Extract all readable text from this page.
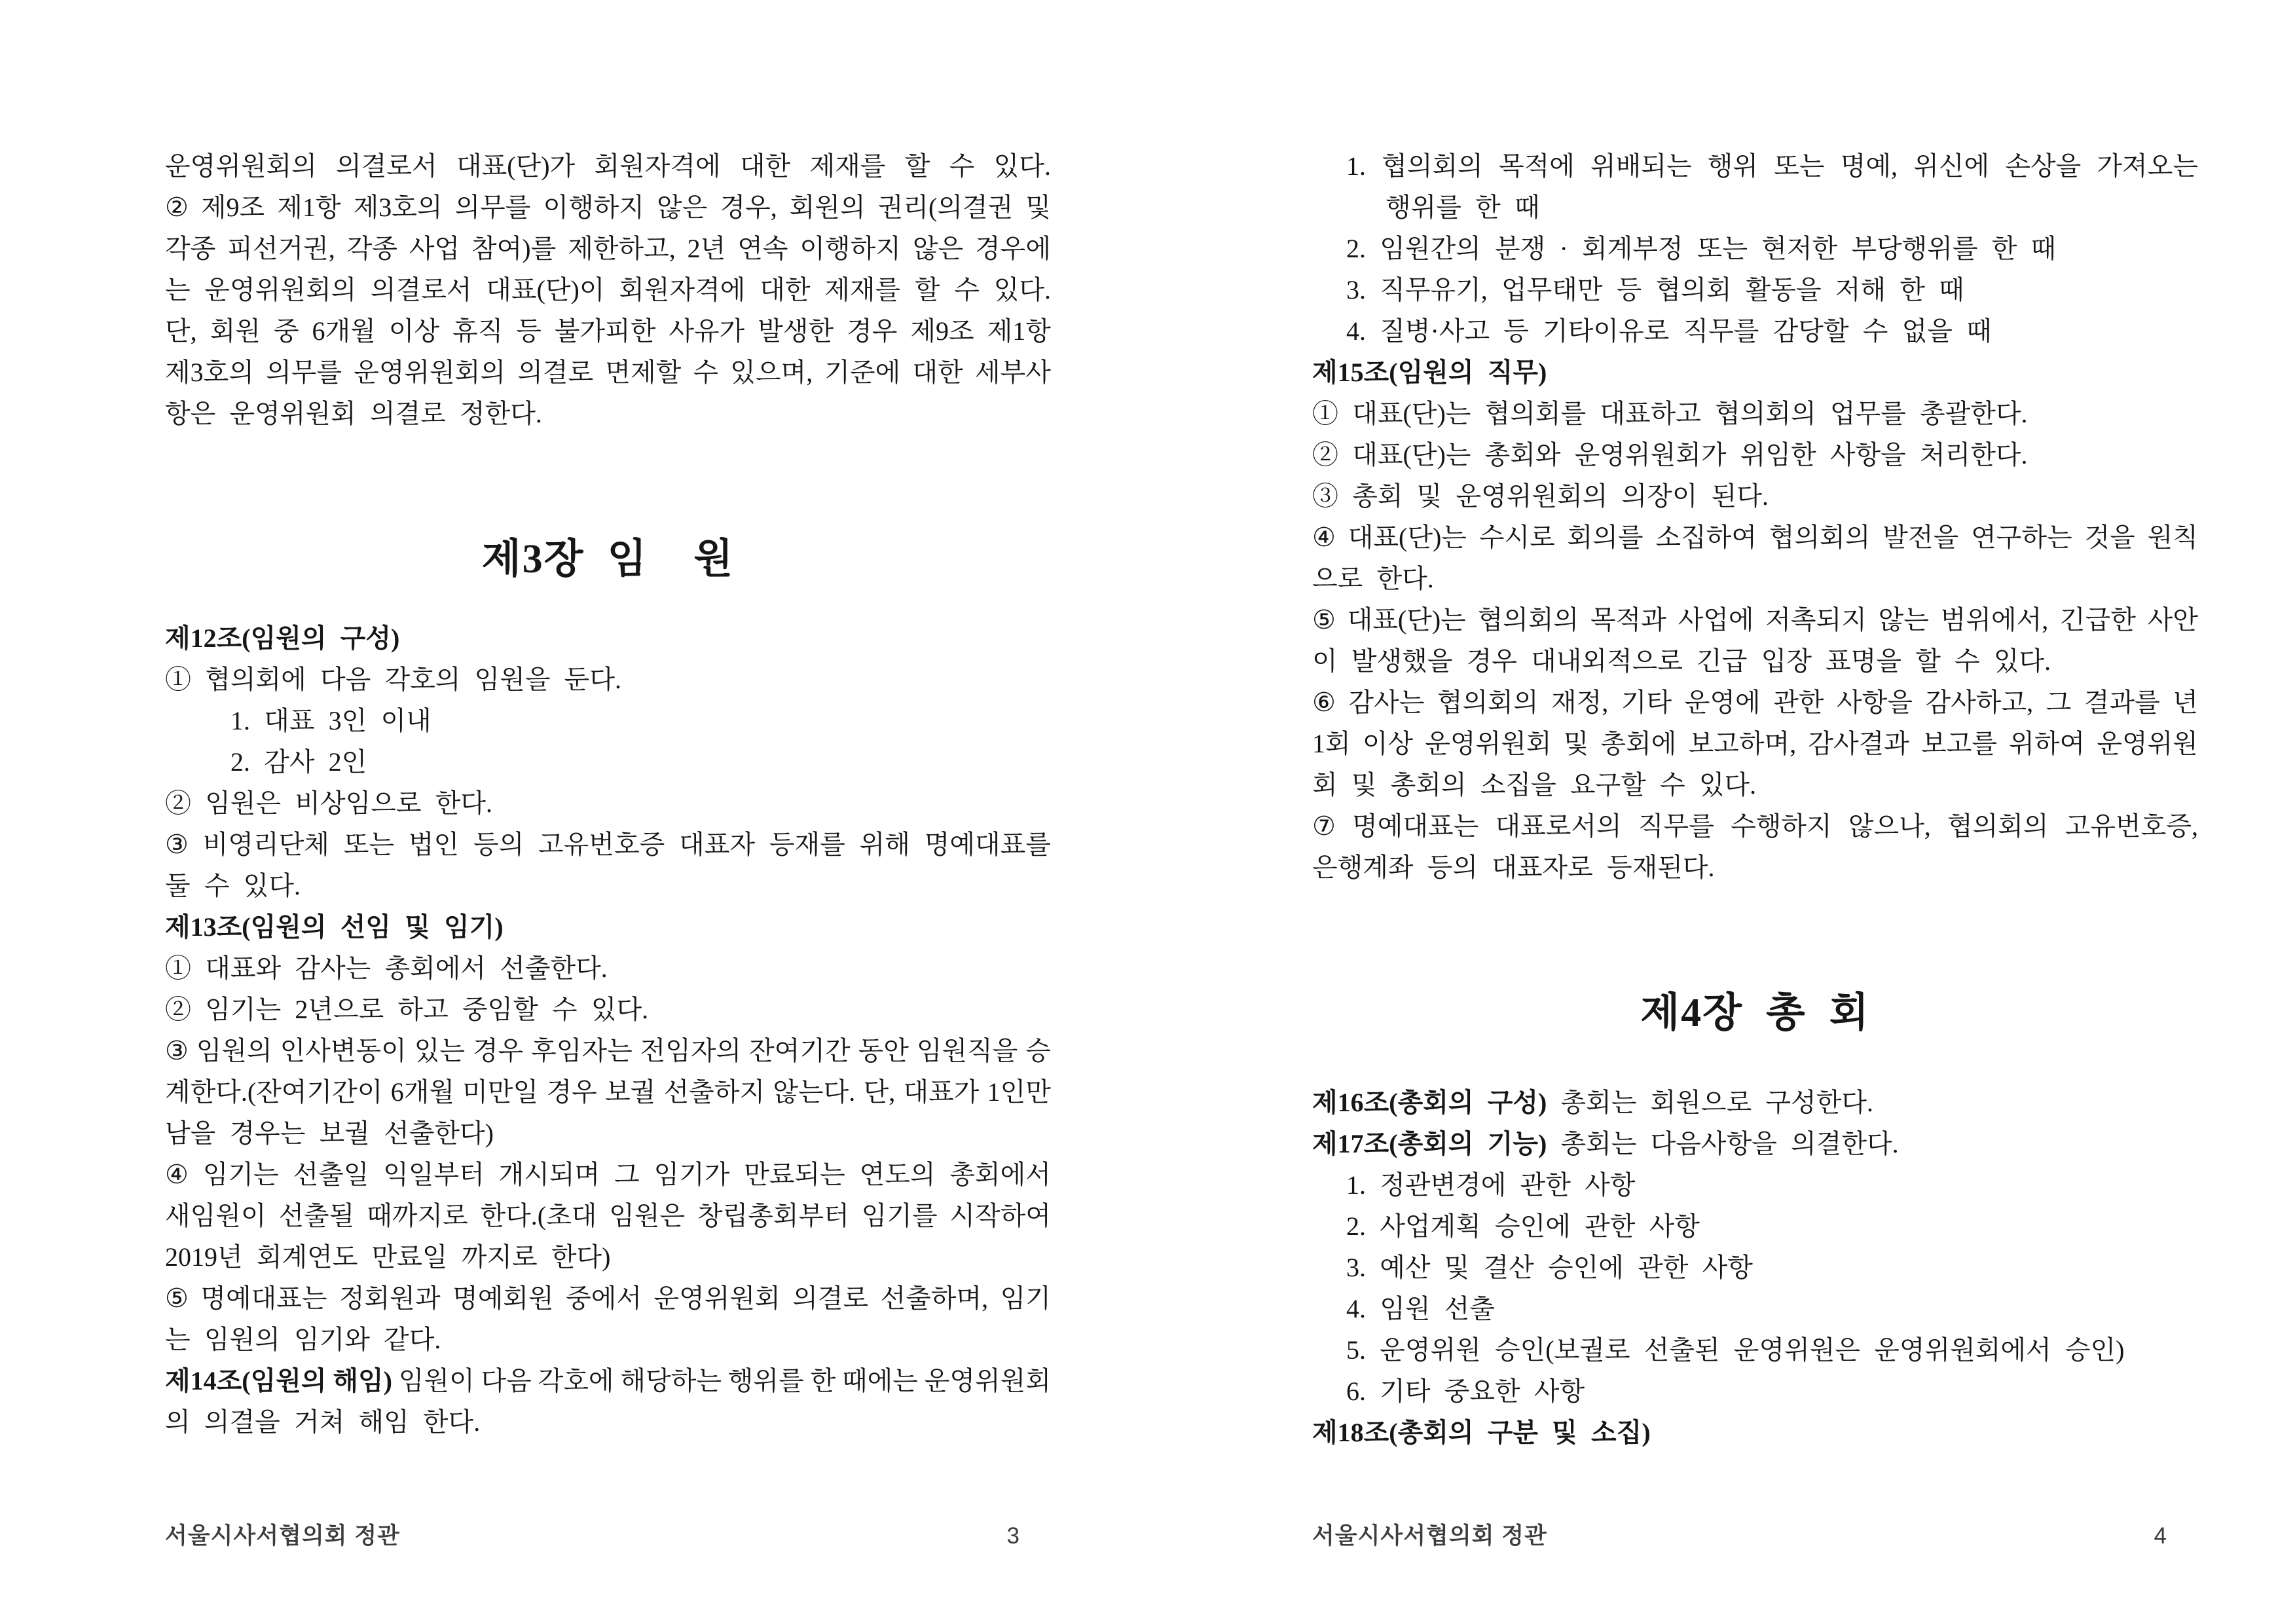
운영위원회의 의결로서 대표(단)가 회원자격에 대한 제재를 할 수 있다.
② 제9조 제1항 제3호의 의무를 이행하지 않은 경우, 회원의 권리(의결권 및
각종 피선거권, 각종 사업 참여)를 제한하고, 2년 연속 이행하지 않은 경우에
는 운영위원회의 의결로서 대표(단)이 회원자격에 대한 제재를 할 수 있다.
단, 회원 중 6개월 이상 휴직 등 불가피한 사유가 발생한 경우 제9조 제1항
제3호의 의무를 운영위원회의 의결로 면제할 수 있으며, 기준에 대한 세부사
항은 운영위원회 의결로 정한다.
제3장  임    원
제12조(임원의 구성)
① 협의회에 다음 각호의 임원을 둔다.
1. 대표 3인 이내
2. 감사 2인
② 임원은 비상임으로 한다.
③ 비영리단체 또는 법인 등의 고유번호증 대표자 등재를 위해 명예대표를
둘 수 있다.
제13조(임원의 선임 및 임기)
① 대표와 감사는 총회에서 선출한다.
② 임기는 2년으로 하고 중임할 수 있다.
③ 임원의 인사변동이 있는 경우 후임자는 전임자의 잔여기간 동안 임원직을 승
계한다.(잔여기간이 6개월 미만일 경우 보궐 선출하지 않는다. 단, 대표가 1인만
남을 경우는 보궐 선출한다)
④ 임기는 선출일 익일부터 개시되며 그 임기가 만료되는 연도의 총회에서
새임원이 선출될 때까지로 한다.(초대 임원은 창립총회부터 임기를 시작하여
2019년 회계연도 만료일 까지로 한다)
⑤ 명예대표는 정회원과 명예회원 중에서 운영위원회 의결로 선출하며, 임기
는 임원의 임기와 같다.
제14조(임원의 해임) 임원이 다음 각호에 해당하는 행위를 한 때에는 운영위원회
의 의결을 거쳐 해임 한다.
서울시사서협의회 정관	3
1. 협의회의 목적에 위배되는 행위 또는 명예, 위신에 손상을 가져오는
행위를 한 때
2. 임원간의 분쟁 · 회계부정 또는 현저한 부당행위를 한 때
3. 직무유기, 업무태만 등 협의회 활동을 저해 한 때
4. 질병·사고 등 기타이유로 직무를 감당할 수 없을 때
제15조(임원의 직무)
① 대표(단)는 협의회를 대표하고 협의회의 업무를 총괄한다.
② 대표(단)는 총회와 운영위원회가 위임한 사항을 처리한다.
③ 총회 및 운영위원회의 의장이 된다.
④ 대표(단)는 수시로 회의를 소집하여 협의회의 발전을 연구하는 것을 원칙
으로 한다.
⑤ 대표(단)는 협의회의 목적과 사업에 저촉되지 않는 범위에서, 긴급한 사안
이 발생했을 경우 대내외적으로 긴급 입장 표명을 할 수 있다.
⑥ 감사는 협의회의 재정, 기타 운영에 관한 사항을 감사하고, 그 결과를 년
1회 이상 운영위원회 및 총회에 보고하며, 감사결과 보고를 위하여 운영위원
회 및 총회의 소집을 요구할 수 있다.
⑦ 명예대표는 대표로서의 직무를 수행하지 않으나, 협의회의 고유번호증,
은행계좌 등의 대표자로 등재된다.
제4장  총  회
제16조(총회의 구성) 총회는 회원으로 구성한다.
제17조(총회의 기능) 총회는 다음사항을 의결한다.
1. 정관변경에 관한 사항
2. 사업계획 승인에 관한 사항
3. 예산 및 결산 승인에 관한 사항
4. 임원 선출
5. 운영위원 승인(보궐로 선출된 운영위원은 운영위원회에서 승인)
6. 기타 중요한 사항
제18조(총회의 구분 및 소집)
서울시사서협의회 정관	4
